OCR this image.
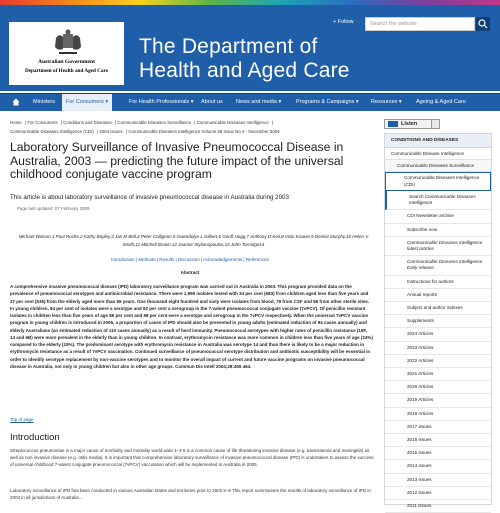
Australian Government
Department of Health and Aged Care
The Department of
Health and Aged Care
+ Follow	Search the website
Ministers	For Consumers ▾	For Health Professionals ▾ About us News and media ▾	Programs & Campaigns ▾ Resources ▾	Ageing & Aged Care
Home | For Consumers | Conditions and Diseases | Communicable Diseases Surveillance | Communicable Diseases Intelligence |
Communicable Diseases Intelligence (CDI) | 2004 issues | Communicable Diseases Intelligence Volume 28 Issue No 4 - December 2004
Laboratory Surveillance of Invasive Pneumococcal Disease in Australia, 2003 — predicting the future impact of the universal childhood conjugate vaccine program
This article is about laboratory surveillance of invasive pneumococcal disease in Australia during 2003
Page last updated: 07 February 2005
Michael Watson,1 Paul Roche,2 Kathy Bayley,3 Jan M Bell,4 Peter Collignon,5 Gwendolyn L Gilbert,6 Geoff Hogg,7 Anthony D Keil,8 Vicki Krause,9 Denise Murphy,10 Helen V Smith,11 Mitchell Brown,12 Joanne Stylianopoulos,13 John Turnidge14
Introduction | Methods | Results | Discussion | Acknowledgements | References
Abstract

A comprehensive invasive pneumococcal disease (IPD) laboratory surveillance program was carried out in Australia in 2003. This program provided data on the prevalence of pneumococcal serotypes and antimicrobial resistance. There were 1,995 isolates tested with 34 per cent (683) from children aged less than five years and 27 per cent (535) from the elderly aged more than 65 years. One thousand eight hundred and sixty were isolates from blood, 79 from CSF and 56 from other sterile sites. In young children, 84 per cent of isolates were a serotype and 92 per cent a serogroup in the 7-valent pneumococcal conjugate vaccine (7vPCV). Of penicillin resistant isolates in children less than five years of age 85 per cent and 98 per cent were a serotype and serogroup in the 7vPCV respectively. When the universal 7vPCV vaccine program in young children is introduced in 2005, a proportion of cases of IPD should also be prevented in young adults (estimated reduction of 94 cases annually) and elderly Australians (an estimated reduction of 110 cases annually) as a result of herd immunity. Pneumococcal serotypes with higher rates of penicillin resistance (19F, 14 and 6B) were more prevalent in the elderly than in young children. In contrast, erythromycin resistance was more common in children less than five years of age (24%) compared to the elderly (15%). The predominant serotype with erythromycin resistance in Australia was serotype 14 and thus there is likely to be a major reduction in erythromycin resistance as a result of 7vPCV vaccination. Continued surveillance of pneumococcal serotype distribution and antibiotic susceptibility will be essential in order to identify serotype replacement by non-vaccine serotypes and to monitor the overall impact of current and future vaccine programs on invasive pneumococcal disease in Australia, not only in young children but also in other age groups. Commun Dis Intell 2004;28:455 464.

Top of page
Introduction

Streptococcus pneumoniae is a major cause of morbidity and mortality world-wide.1–3 It is a common cause of life threatening invasive disease (e.g. bacteraemia and meningitis) as well as non invasive disease (e.g. otitis media). It is important that comprehensive laboratory surveillance of invasive pneumococcal disease (IPD) is undertaken to assess the success of universal childhood 7-valent conjugate pneumococcal (7vPCV) vaccination which will be implemented in Australia in 2005.

Laboratory surveillance of IPD has been conducted in various Australian states and territories prior to 2002.5–8 This report summarises the results of laboratory surveillance of IPD in 2003 in all jurisdictions of Australia...

Listen
CONDITIONS AND DISEASES
Communicable Disease Intelligence
Communicable Diseases Surveillance
Communicable Diseases Intelligence (CDI)
Search Communicable Diseases Intelligence
CDI Newsletter archive
Subscribe now
Communicable Diseases Intelligence latest articles
Communicable Diseases Intelligence Early release
Instructions for authors
Annual reports
Subject and author indexes
Supplements
2024 Articles
2023 Articles
2022 Articles
2021 Articles
2020 Articles
2019 Articles
2018 Articles
2017 issues
2016 issues
2015 issues
2014 issues
2013 issues
2012 issues
2011 issues
